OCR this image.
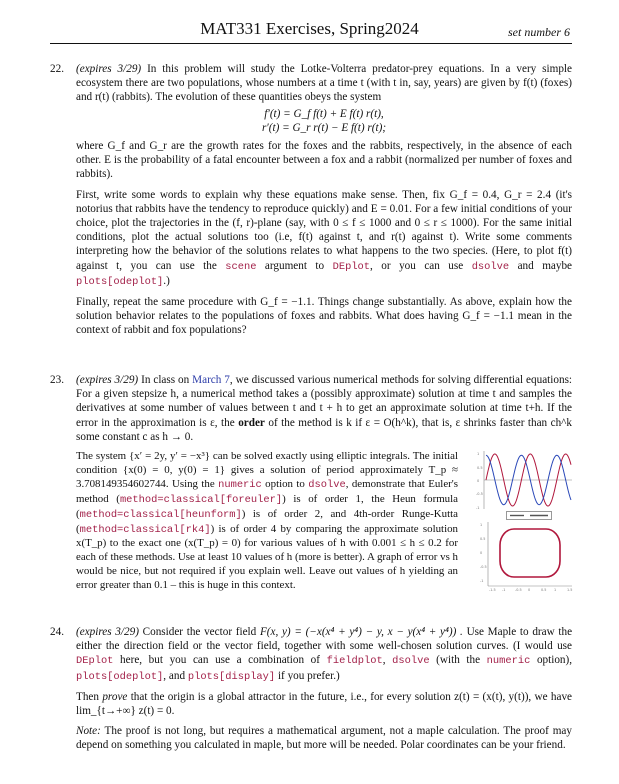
MAT331 Exercises, Spring2024	set number 6
22. (expires 3/29) In this problem will study the Lotke-Volterra predator-prey equations. In a very simple ecosystem there are two populations, whose numbers at a time t (with t in, say, years) are given by f(t) (foxes) and r(t) (rabbits). The evolution of these quantities obeys the system

f′(t) = G_f f(t) + E f(t) r(t),
r′(t) = G_r r(t) − E f(t) r(t);

where G_f and G_r are the growth rates for the foxes and the rabbits, respectively, in the absence of each other. E is the probability of a fatal encounter between a fox and a rabbit (normalized per number of foxes and rabbits).

First, write some words to explain why these equations make sense. Then, fix G_f = 0.4, G_r = 2.4 (it's notorius that rabbits have the tendency to reproduce quickly) and E = 0.01. For a few initial conditions of your choice, plot the trajectories in the (f, r)-plane (say, with 0 ≤ f ≤ 1000 and 0 ≤ r ≤ 1000). For the same initial conditions, plot the actual solutions too (i.e, f(t) against t, and r(t) against t). Write some comments interpreting how the behavior of the solutions relates to what happens to the two species. (Here, to plot f(t) against t, you can use the scene argument to DEplot, or you can use dsolve and maybe plots[odeplot].)

Finally, repeat the same procedure with G_f = −1.1. Things change substantially. As above, explain how the solution behavior relates to the populations of foxes and rabbits. What does having G_f = −1.1 mean in the context of rabbit and fox populations?

23. (expires 3/29) In class on March 7, we discussed various numerical methods for solving differential equations: For a given stepsize h, a numerical method takes a (possibly approximate) solution at time t and samples the derivatives at some number of values between t and t + h to get an approximate solution at time t+h. If the error in the approximation is ε, the order of the method is k if ε = O(h^k), that is, ε shrinks faster than ch^k some constant c as h → 0.

The system {x′ = 2y, y′ = −x³} can be solved exactly using elliptic integrals. The initial condition {x(0) = 0, y(0) = 1} gives a solution of period approximately T_p ≈ 3.708149354602744. Using the numeric option to dsolve, demonstrate that Euler's method (method=classical[foreuler]) is of order 1, the Heun formula (method=classical[heunform]) is of order 2, and 4th-order Runge-Kutta (method=classical[rk4]) is of order 4 by comparing the approximate solution x(T_p) to the exact one (x(T_p) = 0) for various values of h with 0.001 ≤ h ≤ 0.2 for each of these methods. Use at least 10 values of h (more is better). A graph of error vs h would be nice, but not required if you explain well. Leave out values of h yielding an error greater than 0.1 – this is huge in this context.

1
0.5
0
-0.5
-1
1
0.5
0
-0.5
-1
-1.5 -1	-0.5 0	0.5 1	1.5
24. (expires 3/29) Consider the vector field F(x, y) = (−x(x⁴ + y⁴) − y, x − y(x⁴ + y⁴)) . Use Maple to draw the either the direction field or the vector field, together with some well-chosen solution curves. (I would use DEplot here, but you can use a combination of fieldplot, dsolve (with the numeric option), plots[odeplot], and plots[display] if you prefer.)

Then prove that the origin is a global attractor in the future, i.e., for every solution z(t) = (x(t), y(t)), we have lim_{t→+∞} z(t) = 0.

Note: The proof is not long, but requires a mathematical argument, not a maple calculation. The proof may depend on something you calculated in maple, but more will be needed. Polar coordinates can be your friend.
